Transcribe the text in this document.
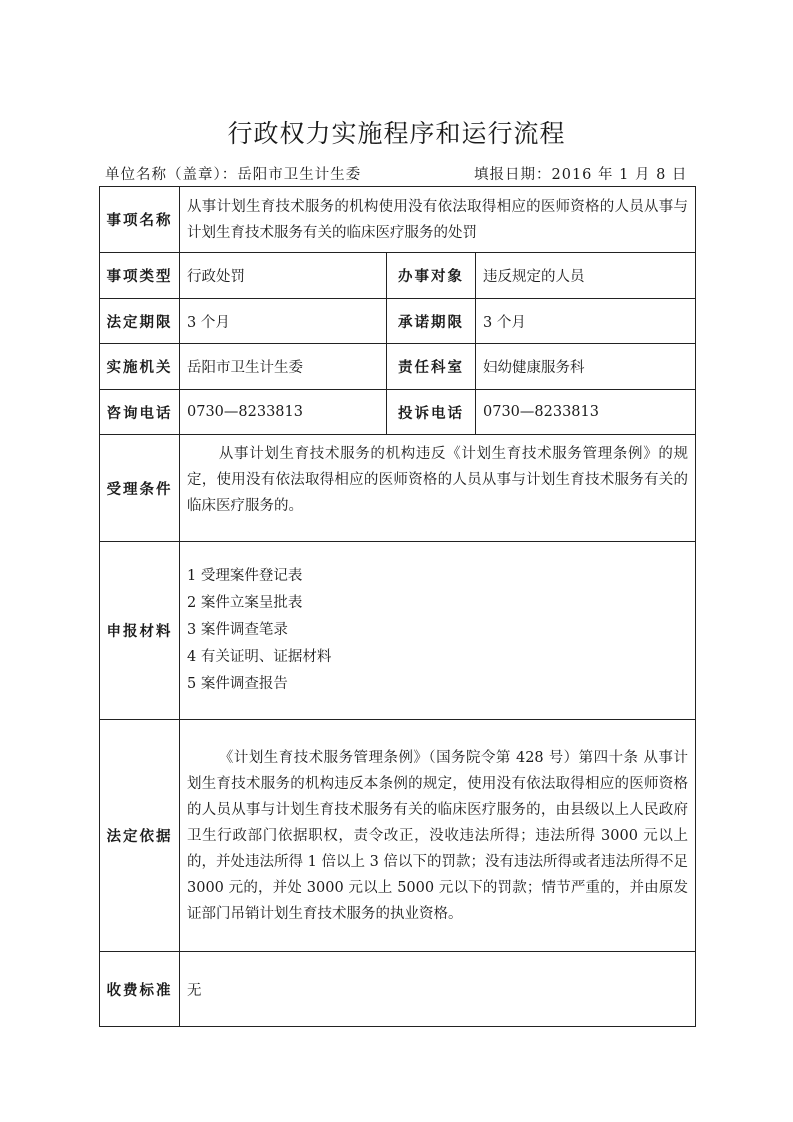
行政权力实施程序和运行流程
单位名称（盖章）：岳阳市卫生计生委	填报日期：2016 年 1 月 8 日
事项名称	从事计划生育技术服务的机构使用没有依法取得相应的医师资格的人员从事与计划生育技术服务有关的临床医疗服务的处罚		
事项类型	行政处罚	办事对象	违反规定的人员
法定期限	3 个月	承诺期限	3 个月
实施机关	岳阳市卫生计生委	责任科室	妇幼健康服务科
咨询电话	0730—8233813	投诉电话	0730—8233813
受理条件	从事计划生育技术服务的机构违反《计划生育技术服务管理条例》的规定，使用没有依法取得相应的医师资格的人员从事与计划生育技术服务有关的临床医疗服务的。		

申报材料	1 受理案件登记表
2 案件立案呈批表
3 案件调查笔录
4 有关证明、证据材料
5 案件调查报告		

法定依据	《计划生育技术服务管理条例》（国务院令第 428 号）第四十条 从事计划生育技术服务的机构违反本条例的规定，使用没有依法取得相应的医师资格的人员从事与计划生育技术服务有关的临床医疗服务的，由县级以上人民政府卫生行政部门依据职权，责令改正，没收违法所得；违法所得 3000 元以上的，并处违法所得 1 倍以上 3 倍以下的罚款；没有违法所得或者违法所得不足 3000 元的，并处 3000 元以上 5000 元以下的罚款；情节严重的，并由原发证部门吊销计划生育技术服务的执业资格。		

收费标准	无		
